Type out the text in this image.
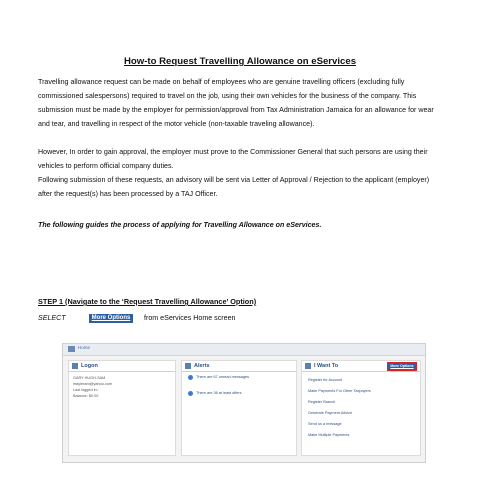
How-to Request Travelling Allowance on eServices

Travelling allowance request can be made on behalf of employees who are genuine travelling officers (excluding fully commissioned salespersons) required to travel on the job, using their own vehicles for the business of the company. This submission must be made by the employer for permission/approval from Tax Administration Jamaica for an allowance for wear and tear, and travelling in respect of the motor vehicle (non-taxable traveling allowance).

However, In order to gain approval, the employer must prove to the Commissioner General that such persons are using their vehicles to perform official company duties.

Following submission of these requests, an advisory will be sent via Letter of Approval / Rejection to the applicant (employer) after the request(s) has been processed by a TAJ Officer.

The following guides the process of applying for Travelling Allowance on eServices.
STEP 1 (Navigate to the ‘Request Travelling Allowance’ Option)
SELECT	More Options	from eServices Home screen
Home
Logon
GARY HUGH-SAM
mayleram@yahoo.com
Last logged in:
Balance: $0.00
Alerts
There are 67 unread messages
There are 36 at least offers
I Want To	More Options
Register for Account
Make Payments For Other Taxpayers
Register Branch
Generate Payment Advice
Send us a message
Make Multiple Payments
